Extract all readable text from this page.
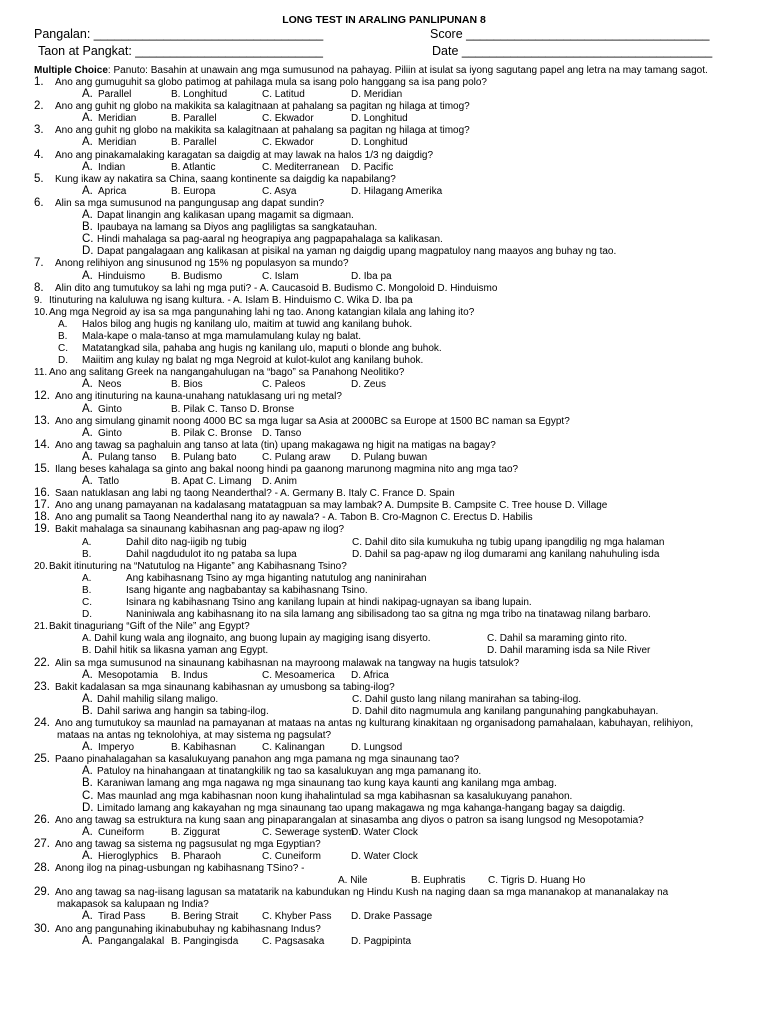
LONG TEST IN ARALING PANLIPUNAN 8
Pangalan: _________________________________	Score ___________________________________
Taon at Pangkat: ___________________________	Date ____________________________________
Multiple Choice: Panuto: Basahin at unawain ang mga sumusunod na pahayag. Piliin at isulat sa iyong sagutang papel ang letra na may tamang sagot.
1. Ano ang gumuguhit sa globo patimog at pahilaga mula sa isang polo hanggang sa isa pang polo?
A. Parallel	B. Longhitud	C. Latitud	D. Meridian
2. Ano ang guhit ng globo na makikita sa kalagitnaan at pahalang sa pagitan ng hilaga at timog?
A. Meridian	B. Parallel	C. Ekwador	D. Longhitud
3. Ano ang guhit ng globo na makikita sa kalagitnaan at pahalang sa pagitan ng hilaga at timog?
A. Meridian	B. Parallel	C. Ekwador	D. Longhitud
4. Ano ang pinakamalaking karagatan sa daigdig at may lawak na halos 1/3 ng daigdig?
A. Indian	B. Atlantic	C. Mediterranean D. Pacific
5. Kung ikaw ay nakatira sa China, saang kontinente sa daigdig ka napabilang?
A. Aprica	B. Europa	C. Asya	D. Hilagang Amerika
6. Alin sa mga sumusunod na pangungusap ang dapat sundin?
A. Dapat linangin ang kalikasan upang magamit sa digmaan.
B. Ipaubaya na lamang sa Diyos ang pagliligtas sa sangkatauhan.
C. Hindi mahalaga sa pag-aaral ng heograpiya ang pagpapahalaga sa kalikasan.
D. Dapat pangalagaan ang kalikasan at pisikal na yaman ng daigdig upang magpatuloy nang maayos ang buhay ng tao.
7. Anong relihiyon ang sinusunod ng 15% ng populasyon sa mundo?
A. Hinduismo	B. Budismo	C. Islam	D. Iba pa
8. Alin dito ang tumutukoy sa lahi ng mga puti? - A. Caucasoid B. Budismo C. Mongoloid D. Hinduismo
9. Itinuturing na kaluluwa ng isang kultura. - A. Islam B. Hinduismo C. Wika D. Iba pa
10. Ang mga Negroid ay isa sa mga pangunahing lahi ng tao. Anong katangian kilala ang lahing ito?
A. Halos bilog ang hugis ng kanilang ulo, maitim at tuwid ang kanilang buhok.
B. Mala-kape o mala-tanso at mga mamulamulang kulay ng balat.
C. Matatangkad sila, pahaba ang hugis ng kanilang ulo, maputi o blonde ang buhok.
D. Maiitim ang kulay ng balat ng mga Negroid at kulot-kulot ang kanilang buhok.
11. Ano ang salitang Greek na nangangahulugan na “bago” sa Panahong Neolitiko?
A. Neos	B. Bios	C. Paleos	D. Zeus
12. Ano ang itinuturing na kauna-unahang natuklasang uri ng metal?
A. Ginto	B. Pilak C. Tanso D. Bronse
13. Ano ang simulang ginamit noong 4000 BC sa mga lugar sa Asia at 2000BC sa Europe at 1500 BC naman sa Egypt?
A. Ginto	B. Pilak C. Bronse D. Tanso
14. Ano ang tawag sa paghaluin ang tanso at lata (tin) upang makagawa ng higit na matigas na bagay?
A. Pulang tanso B. Pulang bato	C. Pulang araw D. Pulang buwan
15. Ilang beses kahalaga sa ginto ang bakal noong hindi pa gaanong marunong magmina nito ang mga tao?
A. Tatlo	B. Apat C. Limang D. Anim
16. Saan natuklasan ang labi ng taong Neanderthal? - A. Germany B. Italy C. France D. Spain
17. Ano ang unang pamayanan na kadalasang matatagpuan sa may lambak? A. Dumpsite B. Campsite C. Tree house D. Village
18. Ano ang pumalit sa Taong Neanderthal nang ito ay nawala? - A. Tabon B. Cro-Magnon C. Erectus D. Habilis
19. Bakit mahalaga sa sinaunang kabihasnan ang pag-apaw ng ilog?
A.	Dahil dito nag-iigib ng tubig	C. Dahil dito sila kumukuha ng tubig upang ipangdilig ng mga halaman
B.	Dahil nagdudulot ito ng pataba sa lupa	D. Dahil sa pag-apaw ng ilog dumarami ang kanilang nahuhuling isda
20. Bakit itinuturing na “Natutulog na Higante” ang Kabihasnang Tsino?
A.	Ang kabihasnang Tsino ay mga higanting natutulog ang naninirahan
B.	Isang higante ang nagbabantay sa kabihasnang Tsino.
C.	Isinara ng kabihasnang Tsino ang kanilang lupain at hindi nakipag-ugnayan sa ibang lupain.
D.	Naniniwala ang kabihasnang ito na sila lamang ang sibilisadong tao sa gitna ng mga tribo na tinatawag nilang barbaro.
21. Bakit tinaguriang “Gift of the Nile” ang Egypt?
A. Dahil kung wala ang ilognaito, ang buong lupain ay magiging isang disyerto.	C. Dahil sa maraming ginto rito.
B. Dahil hitik sa likasna yaman ang Egypt.	D. Dahil maraming isda sa Nile River
22. Alin sa mga sumusunod na sinaunang kabihasnan na mayroong malawak na tangway na hugis tatsulok?
A. Mesopotamia B. Indus	C. Mesoamerica D. Africa
23. Bakit kadalasan sa mga sinaunang kabihasnan ay umusbong sa tabing-ilog?
A. Dahil mahilig silang maligo.	C. Dahil gusto lang nilang manirahan sa tabing-ilog.
B. Dahil sariwa ang hangin sa tabing-ilog.	D. Dahil dito nagmumula ang kanilang pangunahing pangkabuhayan.
24. Ano ang tumutukoy sa maunlad na pamayanan at mataas na antas ng kulturang kinakitaan ng organisadong pamahalaan, kabuhayan, relihiyon,
mataas na antas ng teknolohiya, at may sistema ng pagsulat?
A. Imperyo	B. Kabihasnan	C. Kalinangan	D. Lungsod
25. Paano pinahalagahan sa kasalukuyang panahon ang mga pamana ng mga sinaunang tao?
A. Patuloy na hinahangaan at tinatangkilik ng tao sa kasalukuyan ang mga pamanang ito.
B. Karaniwan lamang ang mga nagawa ng mga sinaunang tao kung kaya kaunti ang kanilang mga ambag.
C. Mas maunlad ang mga kabihasnan noon kung ihahalintulad sa mga kabihasnan sa kasalukuyang panahon.
D. Limitado lamang ang kakayahan ng mga sinaunang tao upang makagawa ng mga kahanga-hangang bagay sa daigdig.
26. Ano ang tawag sa estruktura na kung saan ang pinaparangalan at sinasamba ang diyos o patron sa isang lungsod ng Mesopotamia?
A. Cuneiform	B. Ziggurat	C. Sewerage system
D. Water Clock
27. Ano ang tawag sa sistema ng pagsusulat ng mga Egyptian?
A. Hieroglyphics B. Pharaoh	C. Cuneiform	D. Water Clock
28. Anong ilog na pinag-usbungan ng kabihasnang TSino? -
A. Nile	B. Euphratis C. Tigris D. Huang Ho
29. Ano ang tawag sa nag-iisang lagusan sa matatarik na kabundukan ng Hindu Kush na naging daan sa mga mananakop at mananalakay na
makapasok sa kalupaan ng India?
A. Tirad Pass	B. Bering Strait C. Khyber Pass D. Drake Passage
30. Ano ang pangunahing ikinabubuhay ng kabihasnang Indus?
A. Pangangalakal B. Pangingisda C. Pagsasaka	D. Pagpipinta
